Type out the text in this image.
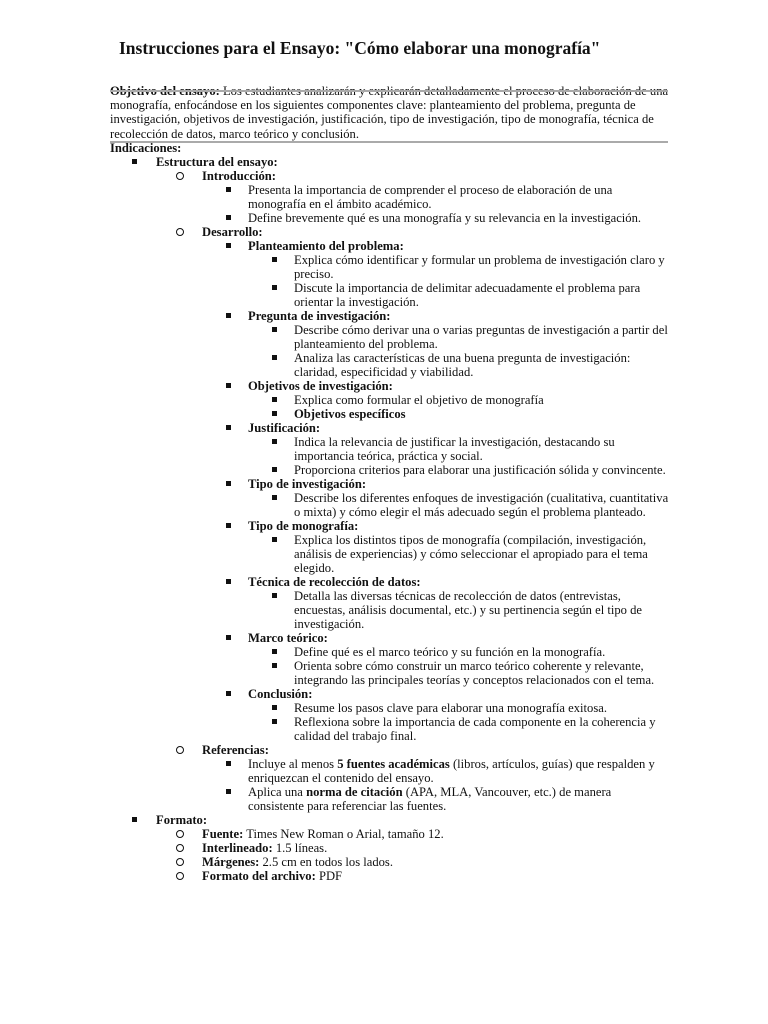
Instrucciones para el Ensayo: "Cómo elaborar una monografía"

monografía, enfocándose en los siguientes componentes clave: planteamiento del problema, pregunta de investigación, objetivos de investigación, justificación, tipo de investigación, tipo de monografía, técnica de recolección de datos, marco teórico y conclusión.

Indicaciones:
Estructura del ensayo:
Introducción:
Presenta la importancia de comprender el proceso de elaboración de una monografía en el ámbito académico.
Define brevemente qué es una monografía y su relevancia en la investigación.
Desarrollo:
Planteamiento del problema:
Explica cómo identificar y formular un problema de investigación claro y preciso.
Discute la importancia de delimitar adecuadamente el problema para orientar la investigación.
Pregunta de investigación:
Describe cómo derivar una o varias preguntas de investigación a partir del planteamiento del problema.
Analiza las características de una buena pregunta de investigación: claridad, especificidad y viabilidad.
Objetivos de investigación:
Explica como formular el objetivo de monografía
Objetivos específicos
Justificación:
Indica la relevancia de justificar la investigación, destacando su importancia teórica, práctica y social.
Proporciona criterios para elaborar una justificación sólida y convincente.
Tipo de investigación:
Describe los diferentes enfoques de investigación (cualitativa, cuantitativa o mixta) y cómo elegir el más adecuado según el problema planteado.
Tipo de monografía:
Explica los distintos tipos de monografía (compilación, investigación, análisis de experiencias) y cómo seleccionar el apropiado para el tema elegido.
Técnica de recolección de datos:
Detalla las diversas técnicas de recolección de datos (entrevistas, encuestas, análisis documental, etc.) y su pertinencia según el tipo de investigación.
Marco teórico:
Define qué es el marco teórico y su función en la monografía.
Orienta sobre cómo construir un marco teórico coherente y relevante, integrando las principales teorías y conceptos relacionados con el tema.
Conclusión:
Resume los pasos clave para elaborar una monografía exitosa.
Reflexiona sobre la importancia de cada componente en la coherencia y calidad del trabajo final.
Referencias:
Incluye al menos 5 fuentes académicas (libros, artículos, guías) que respalden y enriquezcan el contenido del ensayo.
Aplica una norma de citación (APA, MLA, Vancouver, etc.) de manera consistente para referenciar las fuentes.
Formato:
Fuente: Times New Roman o Arial, tamaño 12.
Interlineado: 1.5 líneas.
Márgenes: 2.5 cm en todos los lados.
Formato del archivo: PDF
